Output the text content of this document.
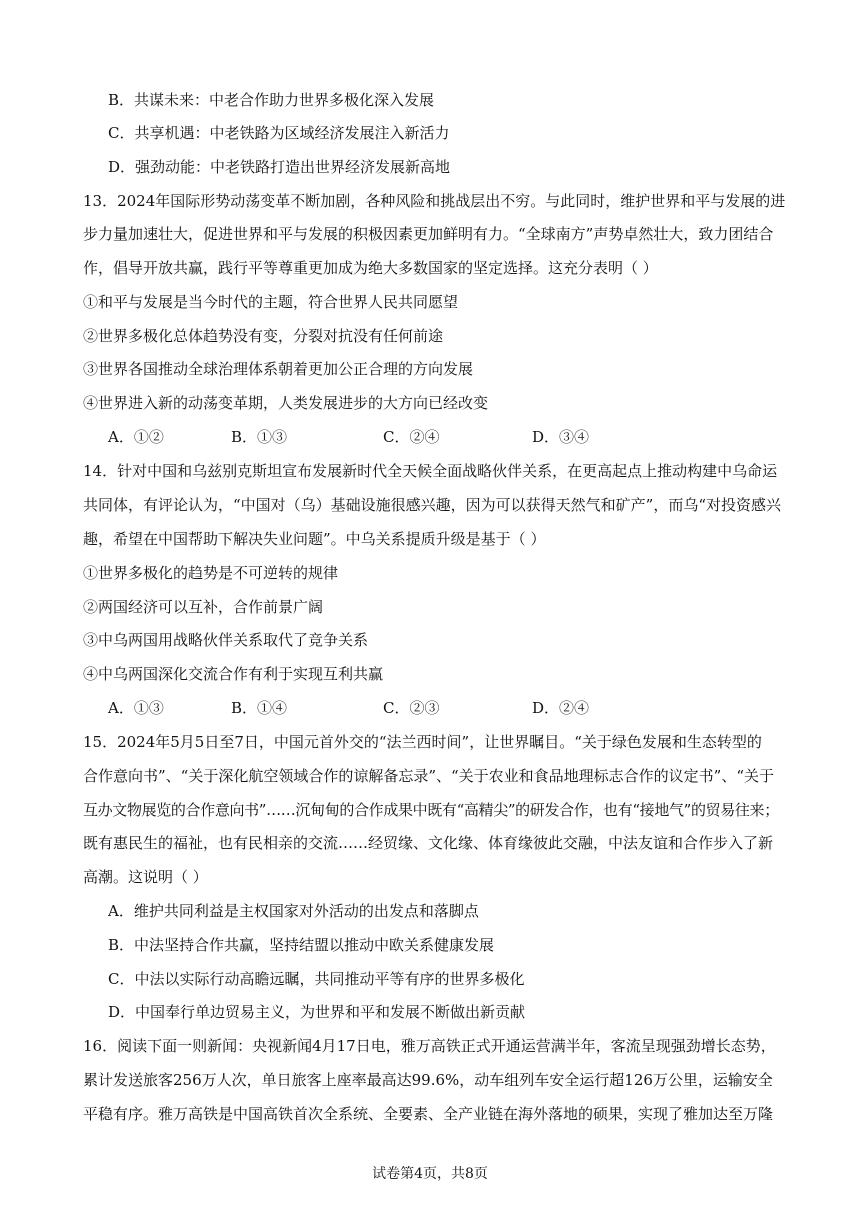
B．共谋未来：中老合作助力世界多极化深入发展
C．共享机遇：中老铁路为区域经济发展注入新活力
D．强劲动能：中老铁路打造出世界经济发展新高地
13．2024年国际形势动荡变革不断加剧，各种风险和挑战层出不穷。与此同时，维护世界和平与发展的进
步力量加速壮大，促进世界和平与发展的积极因素更加鲜明有力。“全球南方”声势卓然壮大，致力团结合
作，倡导开放共赢，践行平等尊重更加成为绝大多数国家的坚定选择。这充分表明（ ）
①和平与发展是当今时代的主题，符合世界人民共同愿望
②世界多极化总体趋势没有变，分裂对抗没有任何前途
③世界各国推动全球治理体系朝着更加公正合理的方向发展
④世界进入新的动荡变革期，人类发展进步的大方向已经改变
A．①②	B．①③	C．②④	D．③④
14．针对中国和乌兹别克斯坦宣布发展新时代全天候全面战略伙伴关系，在更高起点上推动构建中乌命运
共同体，有评论认为，“中国对（乌）基础设施很感兴趣，因为可以获得天然气和矿产”，而乌“对投资感兴
趣，希望在中国帮助下解决失业问题”。中乌关系提质升级是基于（ ）
①世界多极化的趋势是不可逆转的规律
②两国经济可以互补，合作前景广阔
③中乌两国用战略伙伴关系取代了竞争关系
④中乌两国深化交流合作有利于实现互利共赢
A．①③	B．①④	C．②③	D．②④
15．2024年5月5日至7日，中国元首外交的“法兰西时间”，让世界瞩目。“关于绿色发展和生态转型的
合作意向书”、“关于深化航空领域合作的谅解备忘录”、“关于农业和食品地理标志合作的议定书”、“关于
互办文物展览的合作意向书”……沉甸甸的合作成果中既有“高精尖”的研发合作，也有“接地气”的贸易往来；
既有惠民生的福祉，也有民相亲的交流……经贸缘、文化缘、体育缘彼此交融，中法友谊和合作步入了新
高潮。这说明（ ）
A．维护共同利益是主权国家对外活动的出发点和落脚点
B．中法坚持合作共赢，坚持结盟以推动中欧关系健康发展
C．中法以实际行动高瞻远瞩，共同推动平等有序的世界多极化
D．中国奉行单边贸易主义，为世界和平和发展不断做出新贡献
16．阅读下面一则新闻：央视新闻4月17日电，雅万高铁正式开通运营满半年，客流呈现强劲增长态势，
累计发送旅客256万人次，单日旅客上座率最高达99.6%，动车组列车安全运行超126万公里，运输安全
平稳有序。雅万高铁是中国高铁首次全系统、全要素、全产业链在海外落地的硕果，实现了雅加达至万隆
试卷第4页，共8页
